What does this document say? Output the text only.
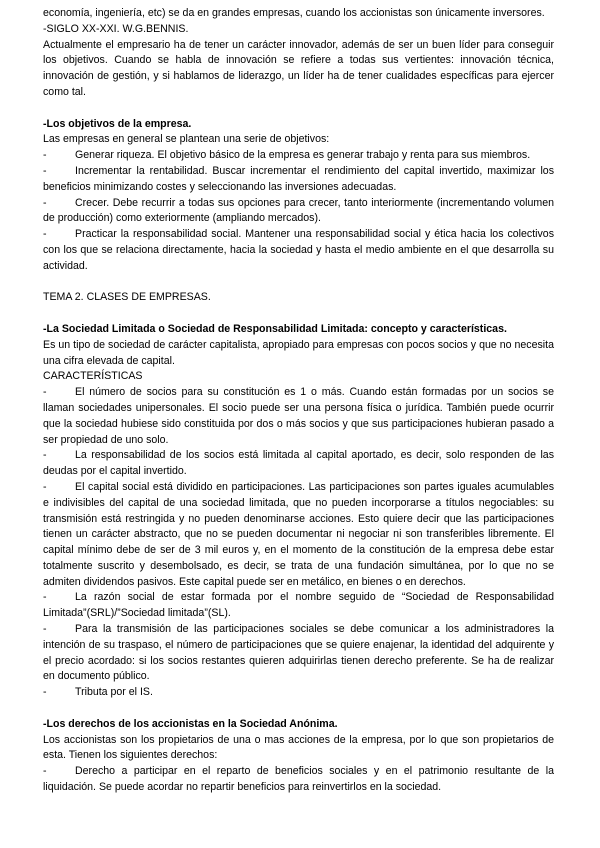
economía, ingeniería, etc) se da en grandes empresas, cuando los accionistas son únicamente inversores.

-SIGLO XX-XXI. W.G.BENNIS.

Actualmente el empresario ha de tener un carácter innovador, además de ser un buen líder para conseguir los objetivos. Cuando se habla de innovación se refiere a todas sus vertientes: innovación técnica, innovación de gestión, y si hablamos de liderazgo, un líder ha de tener cualidades específicas para ejercer como tal.

-Los objetivos de la empresa.

Las empresas en general se plantean una serie de objetivos:

-	Generar riqueza. El objetivo básico de la empresa es generar trabajo y renta para sus miembros.

-	Incrementar la rentabilidad. Buscar incrementar el rendimiento del capital invertido, maximizar los beneficios minimizando costes y seleccionando las inversiones adecuadas.

-	Crecer. Debe recurrir a todas sus opciones para crecer, tanto interiormente (incrementando volumen de producción) como exteriormente (ampliando mercados).

-	Practicar la responsabilidad social. Mantener una responsabilidad social y ética hacia los colectivos con los que se relaciona directamente, hacia la sociedad y hasta el medio ambiente en el que desarrolla su actividad.

TEMA 2. CLASES DE EMPRESAS.

-La Sociedad Limitada o Sociedad de Responsabilidad Limitada: concepto y características.

Es un tipo de sociedad de carácter capitalista, apropiado para empresas con pocos socios y que no necesita una cifra elevada de capital.

CARACTERÍSTICAS

-	El número de socios para su constitución es 1 o más. Cuando están formadas por un socios se llaman sociedades unipersonales. El socio puede ser una persona física o jurídica. También puede ocurrir que la sociedad hubiese sido constituida por dos o más socios y que sus participaciones hubieran pasado a ser propiedad de uno solo.

-	La responsabilidad de los socios está limitada al capital aportado, es decir, solo responden de las deudas por el capital invertido.

-	El capital social está dividido en participaciones. Las participaciones son partes iguales acumulables e indivisibles del capital de una sociedad limitada, que no pueden incorporarse a títulos negociables: su transmisión está restringida y no pueden denominarse acciones. Esto quiere decir que las participaciones tienen un carácter abstracto, que no se pueden documentar ni negociar ni son transferibles libremente. El capital mínimo debe de ser de 3 mil euros y, en el momento de la constitución de la empresa debe estar totalmente suscrito y desembolsado, es decir, se trata de una fundación simultánea, por lo que no se admiten dividendos pasivos. Este capital puede ser en metálico, en bienes o en derechos.

-	La razón social de estar formada por el nombre seguido de “Sociedad de Responsabilidad Limitada”(SRL)/”Sociedad limitada”(SL).

-	Para la transmisión de las participaciones sociales se debe comunicar a los administradores la intención de su traspaso, el número de participaciones que se quiere enajenar, la identidad del adquirente y el precio acordado: si los socios restantes quieren adquirirlas tienen derecho preferente. Se ha de realizar en documento público.

-	Tributa por el IS.

-Los derechos de los accionistas en la Sociedad Anónima.

Los accionistas son los propietarios de una o mas acciones de la empresa, por lo que son propietarios de esta. Tienen los siguientes derechos:

-	Derecho a participar en el reparto de beneficios sociales y en el patrimonio resultante de la liquidación. Se puede acordar no repartir beneficios para reinvertirlos en la sociedad.
